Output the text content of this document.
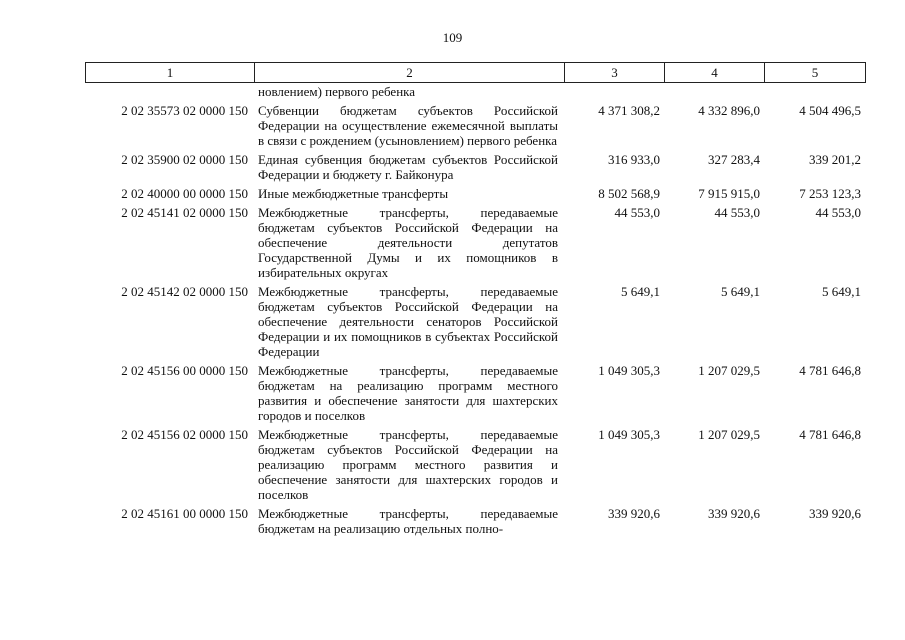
109
1	2	3	4	5
	новлением) первого ребенка			
2 02 35573 02 0000 150	Субвенции бюджетам субъектов Российской Федерации на осуществление ежемесячной выплаты в связи с рождением (усыновлением) первого ребенка	4 371 308,2	4 332 896,0	4 504 496,5
2 02 35900 02 0000 150	Единая субвенция бюджетам субъектов Российской Федерации и бюджету г. Байконура	316 933,0	327 283,4	339 201,2
2 02 40000 00 0000 150	Иные межбюджетные трансферты	8 502 568,9	7 915 915,0	7 253 123,3
2 02 45141 02 0000 150	Межбюджетные трансферты, передаваемые бюджетам субъектов Российской Федерации на обеспечение деятельности депутатов Государственной Думы и их помощников в избирательных округах	44 553,0	44 553,0	44 553,0
2 02 45142 02 0000 150	Межбюджетные трансферты, передаваемые бюджетам субъектов Российской Федерации на обеспечение деятельности сенаторов Российской Федерации и их помощников в субъектах Российской Федерации	5 649,1	5 649,1	5 649,1
2 02 45156 00 0000 150	Межбюджетные трансферты, передаваемые бюджетам на реализацию программ местного развития и обеспечение занятости для шахтерских городов и поселков	1 049 305,3	1 207 029,5	4 781 646,8
2 02 45156 02 0000 150	Межбюджетные трансферты, передаваемые бюджетам субъектов Российской Федерации на реализацию программ местного развития и обеспечение занятости для шахтерских городов и поселков	1 049 305,3	1 207 029,5	4 781 646,8
2 02 45161 00 0000 150	Межбюджетные трансферты, передаваемые бюджетам на реализацию отдельных полно-	339 920,6	339 920,6	339 920,6
